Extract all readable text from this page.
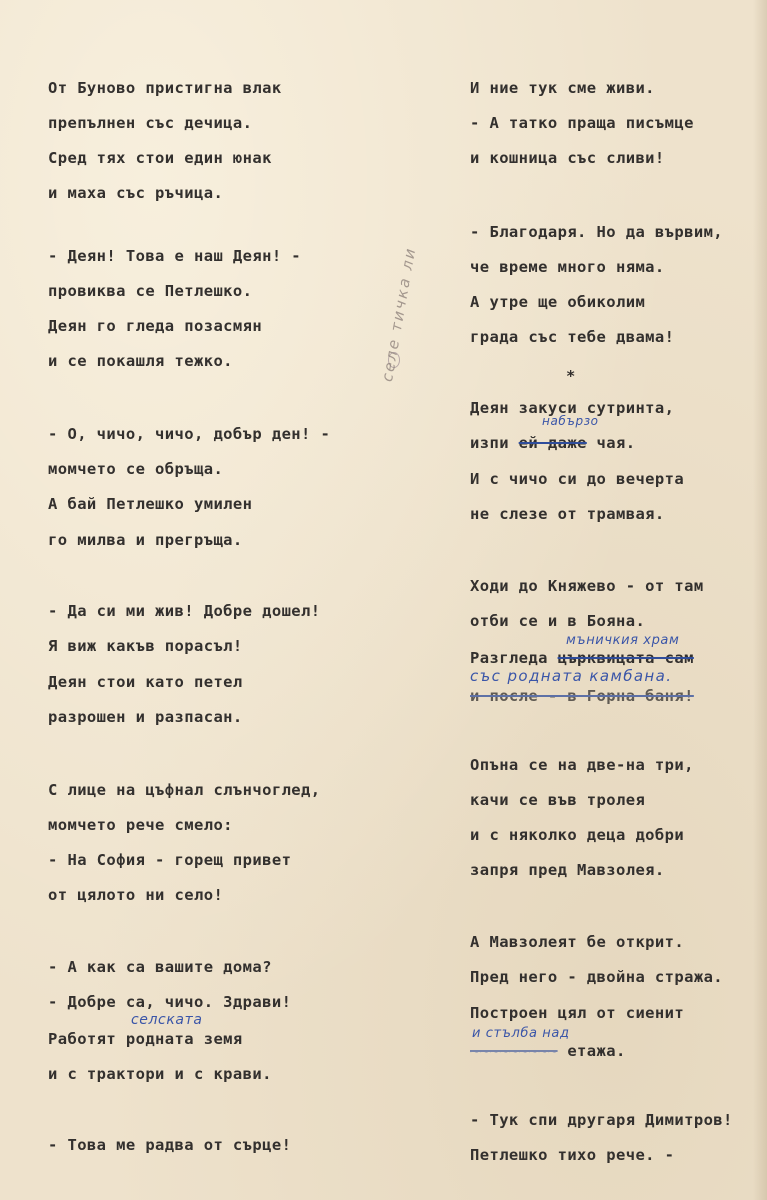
От Буново пристигна влак
препълнен със дечица.
Сред тях стои един юнак
и маха със ръчица.
- Деян! Това е наш Деян! -
провиква се Петлешко.
Деян го гледа позасмян
и се покашля тежко.
- О, чичо, чичо, добър ден! -
момчето се обръща.
А бай Петлешко умилен
го милва и прегръща.
- Да си ми жив! Добре дошел!
Я виж какъв порасъл!
Деян стои като петел
разрошен и разпасан.
С лице на цъфнал слънчоглед,
момчето рече смело:
- На София - горещ привет
от цялото ни село!
- А как са вашите дома?
- Добре са, чичо. Здрави!
селската
Работят родната земя
и с трактори и с крави.
- Това ме радва от сърце!
селе тичка ли
И ние тук сме живи.
- А татко праща писъмце
и кошница със сливи!
- Благодаря. Но да вървим,
че време много няма.
А утре ще обиколим
града със тебе двама!
*
Деян закуси сутринта,
набързо
изпи ей даже чая.
И с чичо си до вечерта
не слезе от трамвая.
Ходи до Княжево - от там
отби се и в Бояна.
мъничкия храм
Разгледа църквицата сам
със родната камбана.
и после - в Горна баня!
Опъна се на две-на три,
качи се във тролея
и с няколко деца добри
запря пред Мавзолея.
А Мавзолеят бе открит.
Пред него - двойна стража.
Построен цял от сиенит
и стълба над
~~~~~~~~~ етажа.
- Тук спи другаря Димитров!
Петлешко тихо рече. -
